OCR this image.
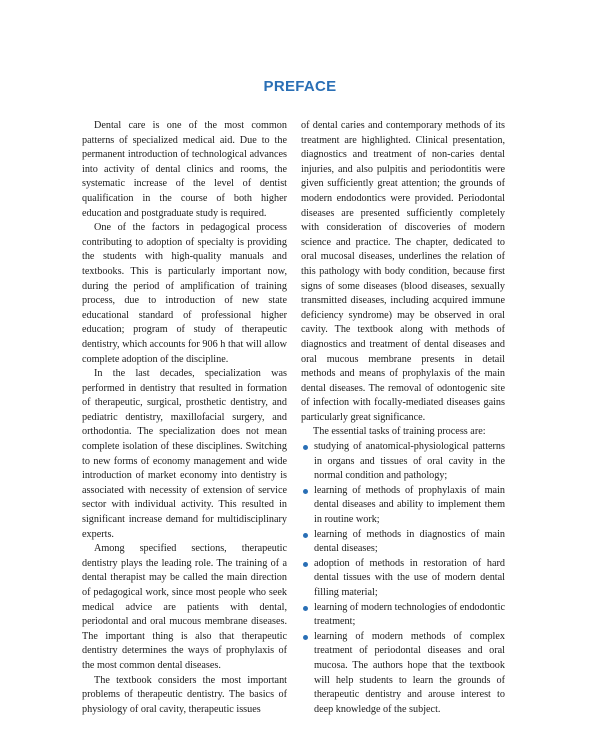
PREFACE

Dental care is one of the most common patterns of specialized medical aid. Due to the permanent introduction of technological advances into activity of dental clinics and rooms, the systematic increase of the level of dentist qualification in the course of both higher education and postgraduate study is required.

One of the factors in pedagogical process contributing to adoption of specialty is providing the students with high-quality manuals and textbooks. This is particularly important now, during the period of amplification of training process, due to introduction of new state educational standard of professional higher education; program of study of therapeutic dentistry, which accounts for 906 h that will allow complete adoption of the discipline.

In the last decades, specialization was performed in dentistry that resulted in formation of therapeutic, surgical, prosthetic dentistry, and pediatric dentistry, maxillofacial surgery, and orthodontia. The specialization does not mean complete isolation of these disciplines. Switching to new forms of economy management and wide introduction of market economy into dentistry is associated with necessity of extension of service sector with individual activity. This resulted in significant increase demand for multidisciplinary experts.

Among specified sections, therapeutic dentistry plays the leading role. The training of a dental therapist may be called the main direction of pedagogical work, since most people who seek medical advice are patients with dental, periodontal and oral mucous membrane diseases. The important thing is also that therapeutic dentistry determines the ways of prophylaxis of the most common dental diseases.

The textbook considers the most important problems of therapeutic dentistry. The basics of physiology of oral cavity, therapeutic issues

of dental caries and contemporary methods of its treatment are highlighted. Clinical presentation, diagnostics and treatment of non-caries dental injuries, and also pulpitis and periodontitis were given sufficiently great attention; the grounds of modern endodontics were provided. Periodontal diseases are presented sufficiently completely with consideration of discoveries of modern science and practice. The chapter, dedicated to oral mucosal diseases, underlines the relation of this pathology with body condition, because first signs of some diseases (blood diseases, sexually transmitted diseases, including acquired immune deficiency syndrome) may be observed in oral cavity. The textbook along with methods of diagnostics and treatment of dental diseases and oral mucous membrane presents in detail methods and means of prophylaxis of the main dental diseases. The removal of odontogenic site of infection with focally-mediated diseases gains particularly great significance.

The essential tasks of training process are:

studying of anatomical-physiological patterns in organs and tissues of oral cavity in the normal condition and pathology;
learning of methods of prophylaxis of main dental diseases and ability to implement them in routine work;
learning of methods in diagnostics of main dental diseases;
adoption of methods in restoration of hard dental tissues with the use of modern dental filling material;
learning of modern technologies of endodontic treatment;
learning of modern methods of complex treatment of periodontal diseases and oral mucosa. The authors hope that the textbook will help students to learn the grounds of therapeutic dentistry and arouse interest to deep knowledge of the subject.
